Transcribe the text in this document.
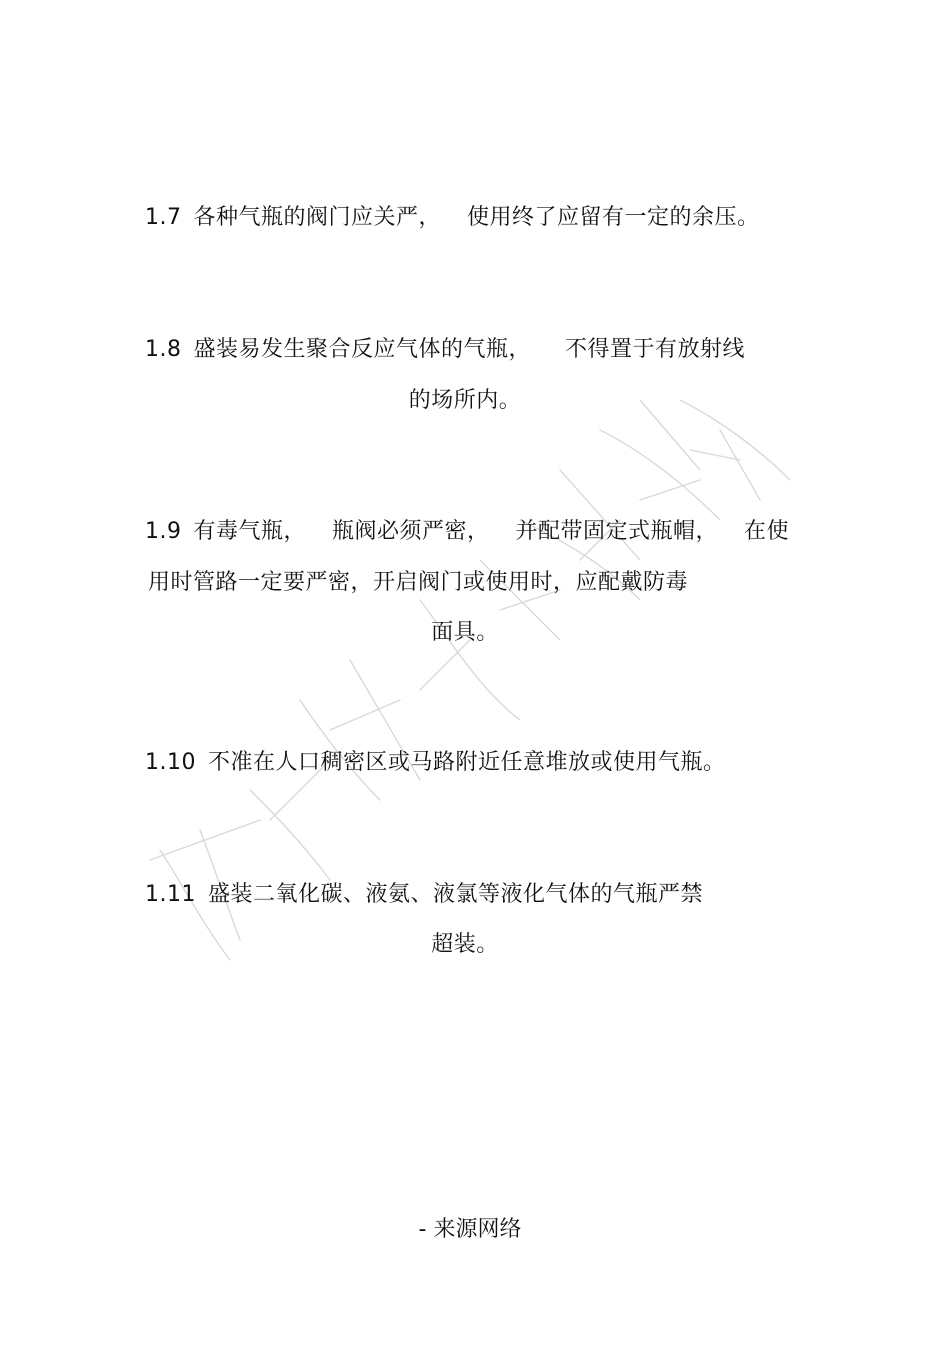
1.7 各种气瓶的阀门应关严， 使用终了应留有一定的余压。
1.8 盛装易发生聚合反应气体的气瓶， 不得置于有放射线
的场所内。
1.9 有毒气瓶， 瓶阀必须严密， 并配带固定式瓶帽， 在使
用时管路一定要严密，开启阀门或使用时，应配戴防毒
面具。
1.10 不准在人口稠密区或马路附近任意堆放或使用气瓶。
1.11 盛装二氧化碳、液氨、液氯等液化气体的气瓶严禁
超装。
- 来源网络
